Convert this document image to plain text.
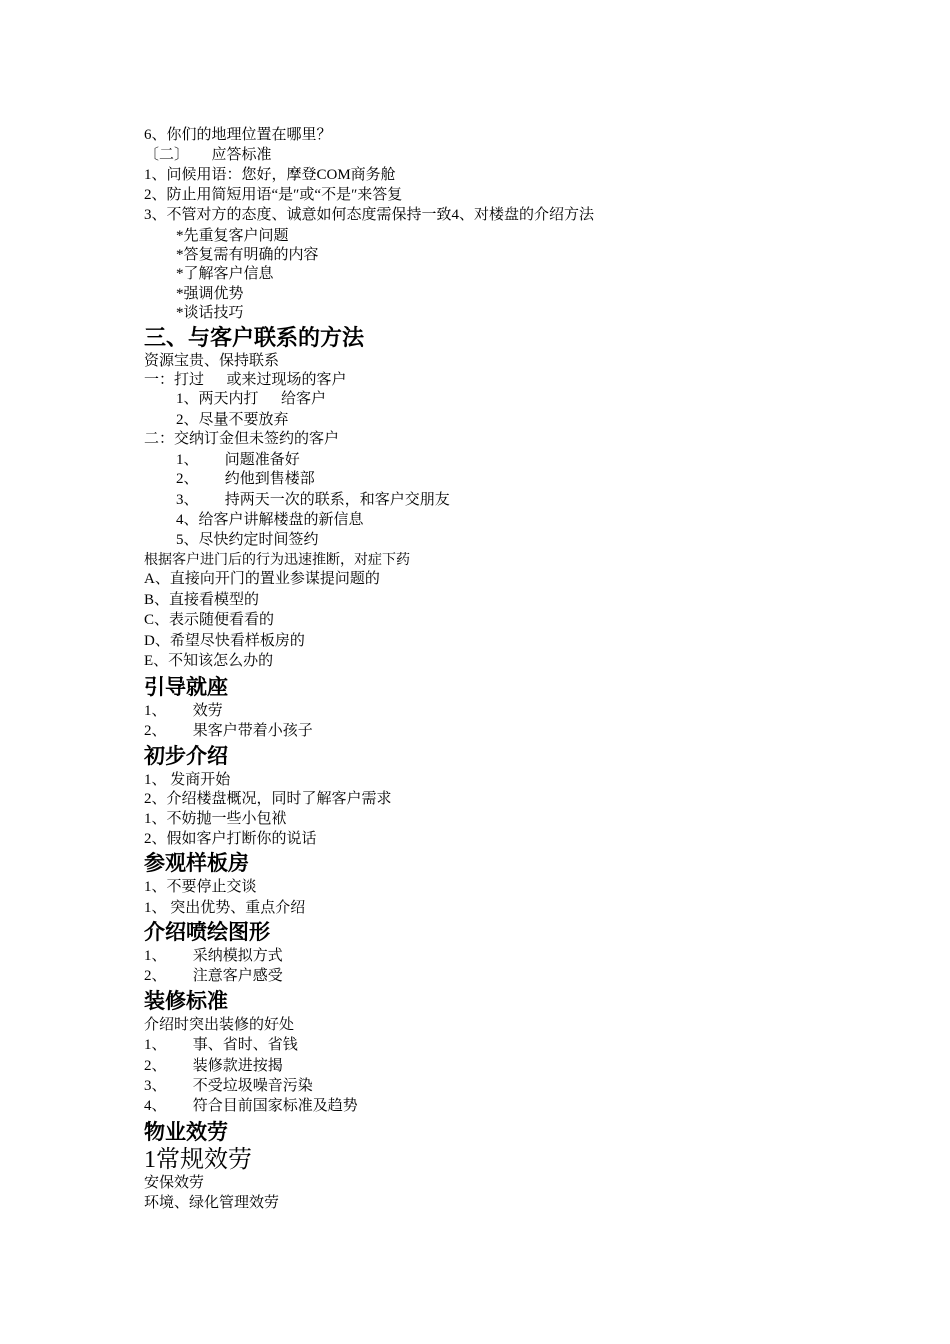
6、你们的地理位置在哪里？
〔二〕      应答标准
1、问候用语：您好，摩登COM商务舱
2、防止用简短用语“是″或“不是″来答复
3、不管对方的态度、诚意如何态度需保持一致4、对楼盘的介绍方法
*先重复客户问题
*答复需有明确的内容
*了解客户信息
*强调优势
*谈话技巧
三、与客户联系的方法
资源宝贵、保持联系
一：打过      或来过现场的客户
1、两天内打      给客户
2、尽量不要放弃
二：交纳订金但未签约的客户
1、       问题准备好
2、       约他到售楼部
3、       持两天一次的联系，和客户交朋友
4、给客户讲解楼盘的新信息
5、尽快约定时间签约
根据客户进门后的行为迅速推断，对症下药
A、直接向开门的置业参谋提问题的
B、直接看模型的
C、表示随便看看的
D、希望尽快看样板房的
E、不知该怎么办的
引导就座
1、       效劳
2、       果客户带着小孩子
初步介绍
1、 发商开始
2、介绍楼盘概况，同时了解客户需求
1、不妨抛一些小包袱
2、假如客户打断你的说话
参观样板房
1、不要停止交谈
1、 突出优势、重点介绍
介绍喷绘图形
1、       采纳模拟方式
2、       注意客户感受
装修标准
介绍时突出装修的好处
1、       事、省时、省钱
2、       装修款进按揭
3、       不受垃圾噪音污染
4、       符合目前国家标准及趋势
物业效劳
1常规效劳
安保效劳
环境、绿化管理效劳
